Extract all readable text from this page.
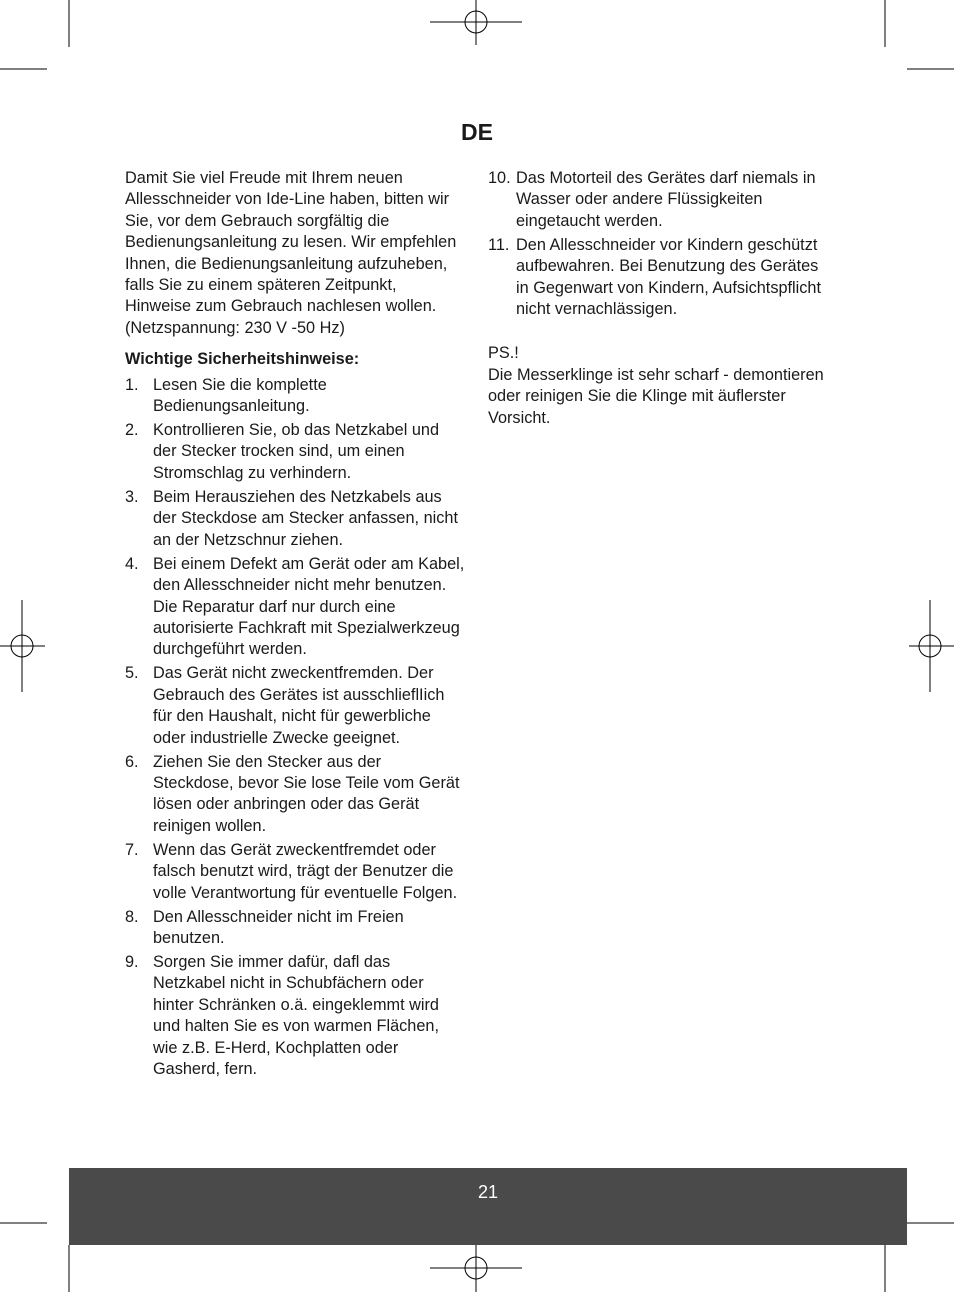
DE

Damit Sie viel Freude mit Ihrem neuen Allesschneider von Ide-Line haben, bitten wir Sie, vor dem Gebrauch sorgfältig die Bedienungsanleitung zu lesen. Wir empfehlen Ihnen, die Bedienungsanleitung aufzuheben, falls Sie zu einem späteren Zeitpunkt, Hinweise zum Gebrauch nachlesen wollen.

(Netzspannung: 230 V -50 Hz)

Wichtige Sicherheitshinweise:

1. Lesen Sie die komplette Bedienungsanleitung.
2. Kontrollieren Sie, ob das Netzkabel und der Stecker trocken sind, um einen Stromschlag zu verhindern.
3. Beim Herausziehen des Netzkabels aus der Steckdose am Stecker anfassen, nicht an der Netzschnur ziehen.
4. Bei einem Defekt am Gerät oder am Kabel, den Allesschneider nicht mehr benutzen. Die Reparatur darf nur durch eine autorisierte Fachkraft mit Spezialwerkzeug durchgeführt werden.
5. Das Gerät nicht zweckentfremden. Der Gebrauch des Gerätes ist ausschlieflIich für den Haushalt, nicht für gewerbliche oder industrielle Zwecke geeignet.
6. Ziehen Sie den Stecker aus der Steckdose, bevor Sie lose Teile vom Gerät lösen oder anbringen oder das Gerät reinigen wollen.
7. Wenn das Gerät zweckentfremdet oder falsch benutzt wird, trägt der Benutzer die volle Verantwortung für eventuelle Folgen.
8. Den Allesschneider nicht im Freien benutzen.
9. Sorgen Sie immer dafür, dafl das Netzkabel nicht in Schubfächern oder hinter Schränken o.ä. eingeklemmt wird und halten Sie es von warmen Flächen, wie z.B. E-Herd, Kochplatten oder Gasherd, fern.
10. Das Motorteil des Gerätes darf niemals in Wasser oder andere Flüssigkeiten eingetaucht werden.
11. Den Allesschneider vor Kindern geschützt aufbewahren. Bei Benutzung des Gerätes in Gegenwart von Kindern, Aufsichtspflicht nicht vernachlässigen.

PS.!

Die Messerklinge ist sehr scharf - demontieren oder reinigen Sie die Klinge mit äuflerster Vorsicht.

21
